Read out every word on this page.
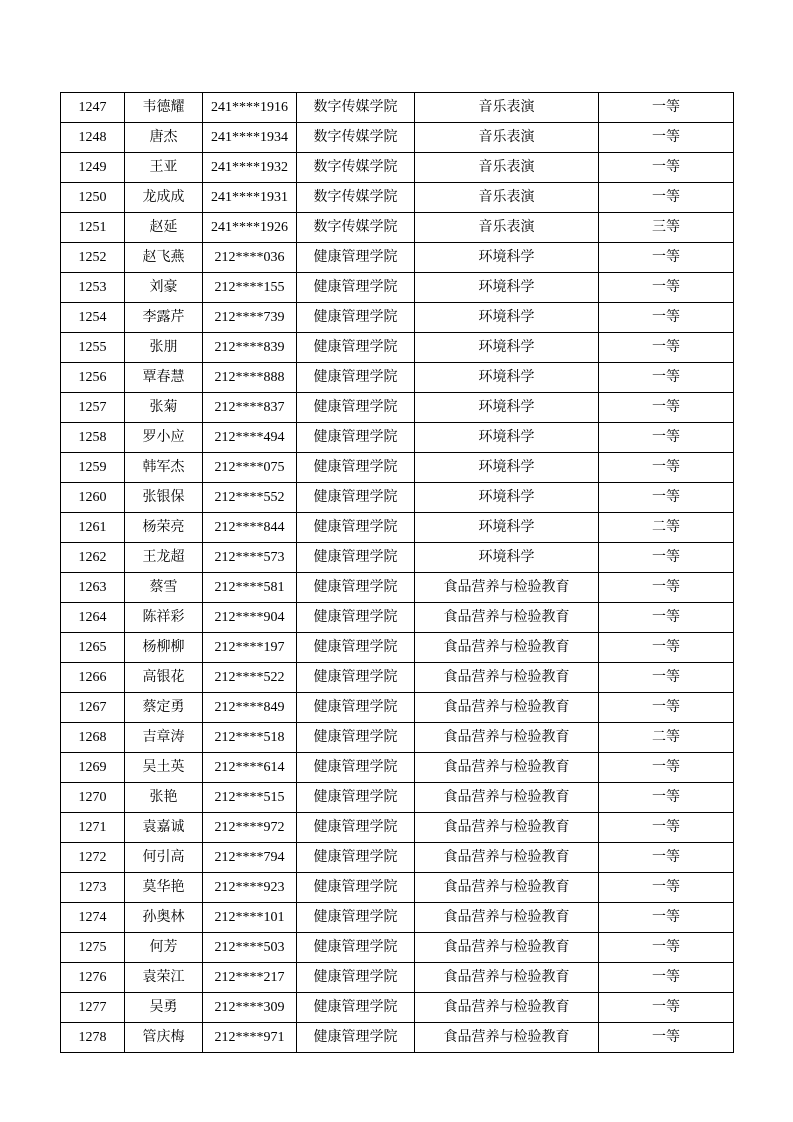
1247	韦德耀	241****1916	数字传媒学院	音乐表演	一等
1248	唐杰	241****1934	数字传媒学院	音乐表演	一等
1249	王亚	241****1932	数字传媒学院	音乐表演	一等
1250	龙成成	241****1931	数字传媒学院	音乐表演	一等
1251	赵延	241****1926	数字传媒学院	音乐表演	三等
1252	赵飞燕	212****036	健康管理学院	环境科学	一等
1253	刘豪	212****155	健康管理学院	环境科学	一等
1254	李露芹	212****739	健康管理学院	环境科学	一等
1255	张朋	212****839	健康管理学院	环境科学	一等
1256	覃春慧	212****888	健康管理学院	环境科学	一等
1257	张菊	212****837	健康管理学院	环境科学	一等
1258	罗小应	212****494	健康管理学院	环境科学	一等
1259	韩军杰	212****075	健康管理学院	环境科学	一等
1260	张银保	212****552	健康管理学院	环境科学	一等
1261	杨荣亮	212****844	健康管理学院	环境科学	二等
1262	王龙超	212****573	健康管理学院	环境科学	一等
1263	蔡雪	212****581	健康管理学院	食品营养与检验教育	一等
1264	陈祥彩	212****904	健康管理学院	食品营养与检验教育	一等
1265	杨柳柳	212****197	健康管理学院	食品营养与检验教育	一等
1266	高银花	212****522	健康管理学院	食品营养与检验教育	一等
1267	蔡定勇	212****849	健康管理学院	食品营养与检验教育	一等
1268	吉章涛	212****518	健康管理学院	食品营养与检验教育	二等
1269	吴土英	212****614	健康管理学院	食品营养与检验教育	一等
1270	张艳	212****515	健康管理学院	食品营养与检验教育	一等
1271	袁嘉诚	212****972	健康管理学院	食品营养与检验教育	一等
1272	何引高	212****794	健康管理学院	食品营养与检验教育	一等
1273	莫华艳	212****923	健康管理学院	食品营养与检验教育	一等
1274	孙奥林	212****101	健康管理学院	食品营养与检验教育	一等
1275	何芳	212****503	健康管理学院	食品营养与检验教育	一等
1276	袁荣江	212****217	健康管理学院	食品营养与检验教育	一等
1277	吴勇	212****309	健康管理学院	食品营养与检验教育	一等
1278	管庆梅	212****971	健康管理学院	食品营养与检验教育	一等
